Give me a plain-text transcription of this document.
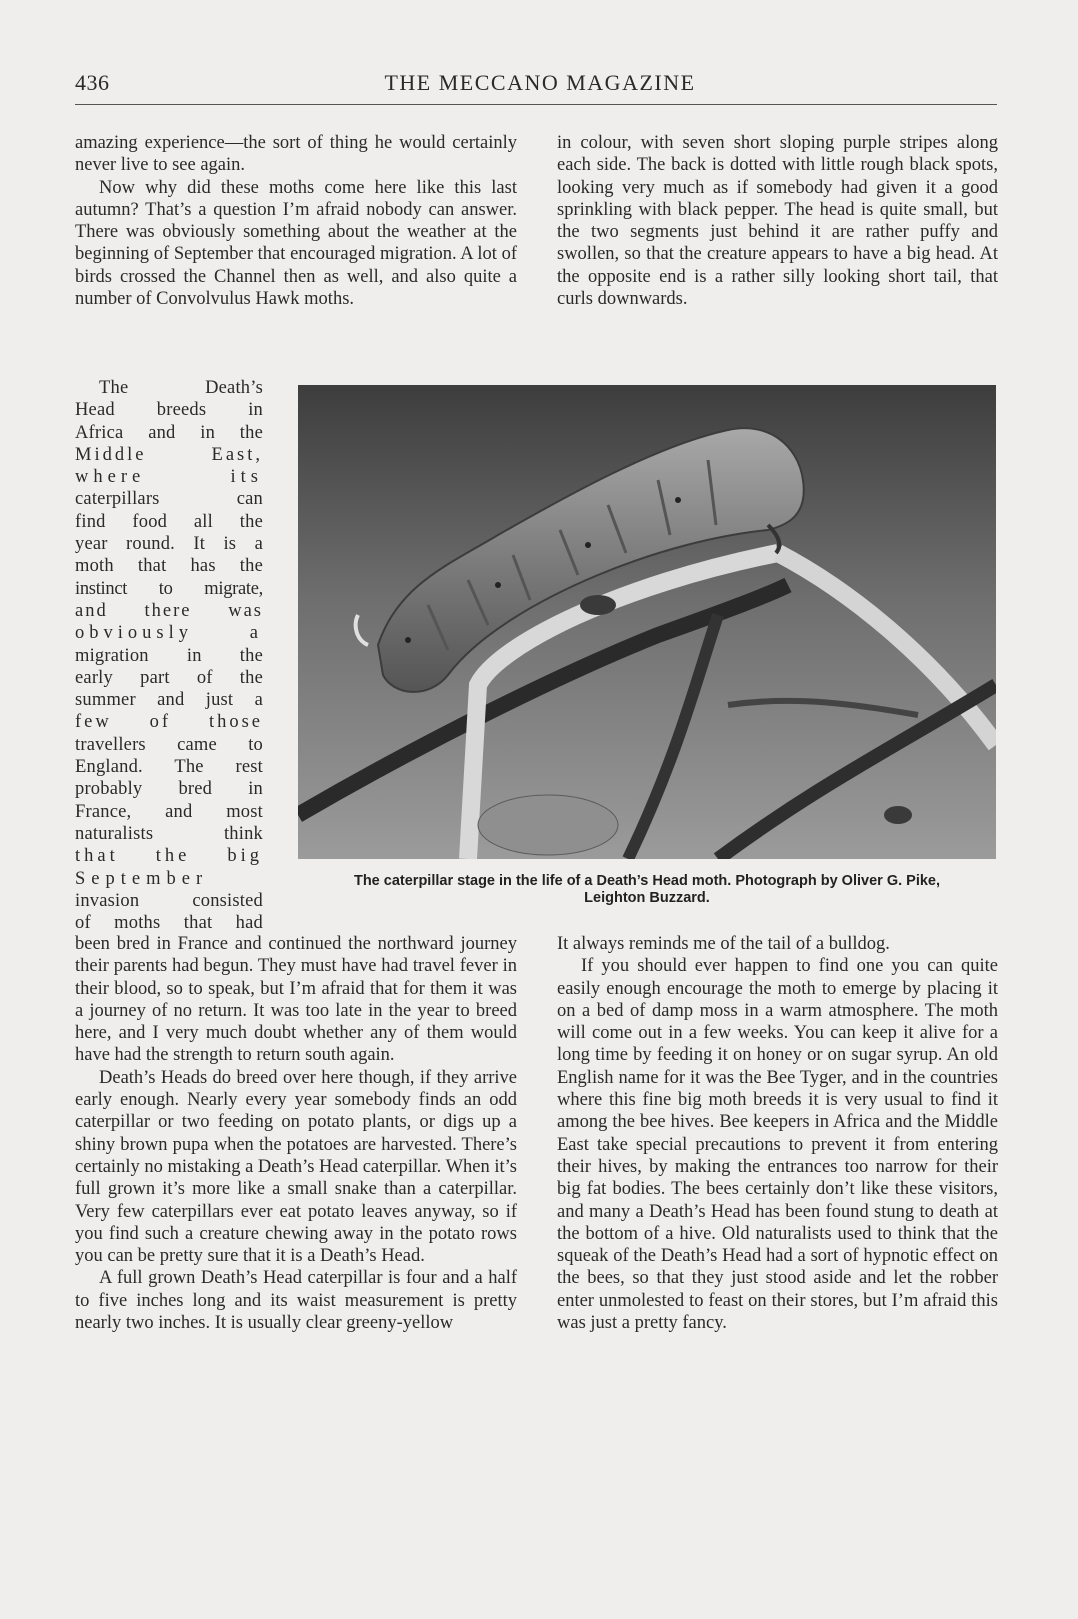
436	THE MECCANO MAGAZINE

amazing experience—the sort of thing he would certainly never live to see again.

Now why did these moths come here like this last autumn? That’s a question I’m afraid nobody can answer. There was obviously something about the weather at the beginning of September that encouraged migration. A lot of birds crossed the Channel then as well, and also quite a number of Convolvulus Hawk moths.

The Death’s

Head breeds in

Africa and in the

Middle East,

where its

caterpillars can

find food all the

year round. It is a

moth that has the

instinct to migrate,

and there was

obviously a

migration in the

early part of the

summer and just a

few of those

travellers came to

England. The rest

probably bred in

France, and most

naturalists think

that the big

September

invasion consisted

of moths that had

been bred in France and continued the northward journey their parents had begun. They must have had travel fever in their blood, so to speak, but I’m afraid that for them it was a journey of no return. It was too late in the year to breed here, and I very much doubt whether any of them would have had the strength to return south again.

Death’s Heads do breed over here though, if they arrive early enough. Nearly every year somebody finds an odd caterpillar or two feeding on potato plants, or digs up a shiny brown pupa when the potatoes are harvested. There’s certainly no mistaking a Death’s Head caterpillar. When it’s full grown it’s more like a small snake than a caterpillar. Very few caterpillars ever eat potato leaves anyway, so if you find such a creature chewing away in the potato rows you can be pretty sure that it is a Death’s Head.

A full grown Death’s Head caterpillar is four and a half to five inches long and its waist measurement is pretty nearly two inches. It is usually clear greeny-yellow

in colour, with seven short sloping purple stripes along each side. The back is dotted with little rough black spots, looking very much as if somebody had given it a good sprinkling with black pepper. The head is quite small, but the two segments just behind it are rather puffy and swollen, so that the creature appears to have a big head. At the opposite end is a rather silly looking short tail, that curls downwards.

The caterpillar stage in the life of a Death’s Head moth. Photograph by Oliver G. Pike,
Leighton Buzzard.

It always reminds me of the tail of a bulldog.

If you should ever happen to find one you can quite easily enough encourage the moth to emerge by placing it on a bed of damp moss in a warm atmosphere. The moth will come out in a few weeks. You can keep it alive for a long time by feeding it on honey or on sugar syrup. An old English name for it was the Bee Tyger, and in the countries where this fine big moth breeds it is very usual to find it among the bee hives. Bee keepers in Africa and the Middle East take special precautions to prevent it from entering their hives, by making the entrances too narrow for their big fat bodies. The bees certainly don’t like these visitors, and many a Death’s Head has been found stung to death at the bottom of a hive. Old naturalists used to think that the squeak of the Death’s Head had a sort of hypnotic effect on the bees, so that they just stood aside and let the robber enter unmolested to feast on their stores, but I’m afraid this was just a pretty fancy.
